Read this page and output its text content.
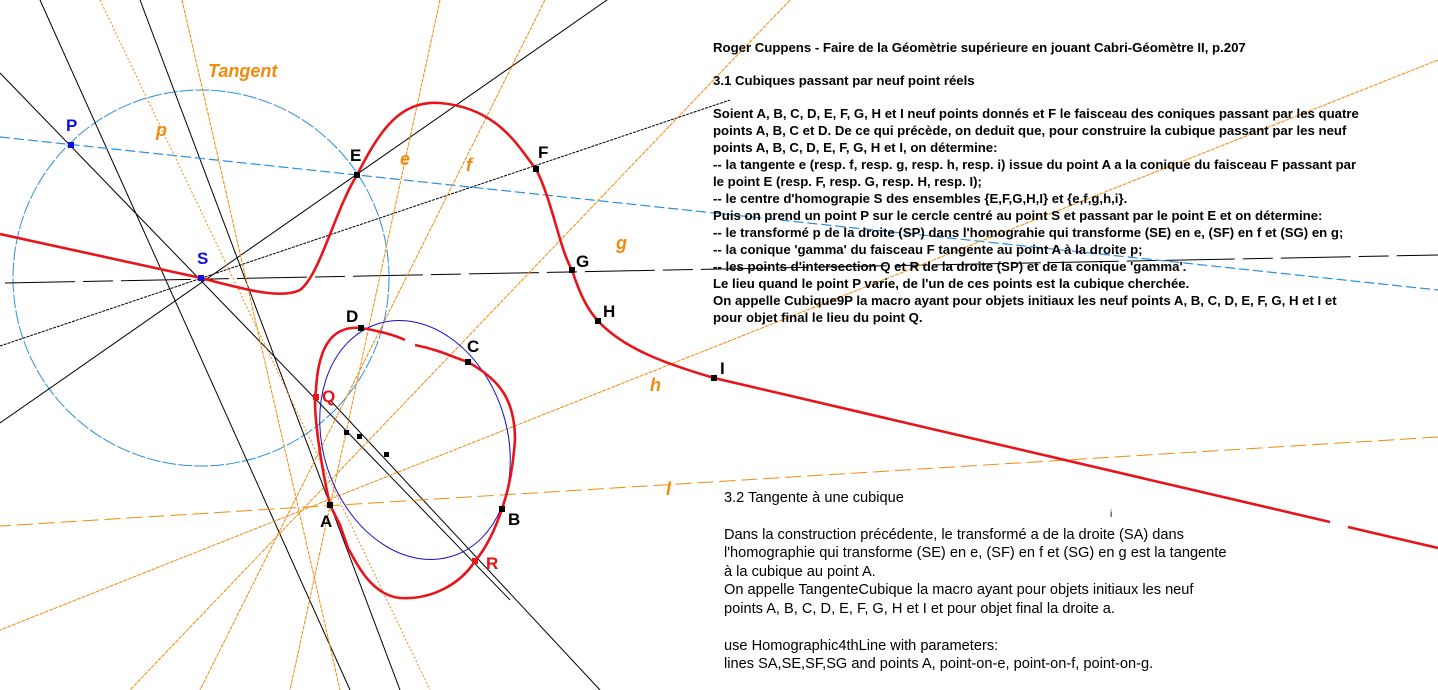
A	B
C
D
E	F
G
H
I
S
P
Q
R
Tangent
p
e	f
g
h
l
Roger Cuppens - Faire de la Géomètrie supérieure en jouant Cabri-Géomètre II, p.207
3.1 Cubiques passant par neuf point réels
Soient A, B, C, D, E, F, G, H et I neuf points donnés et F le faisceau des coniques passant par les quatre
points A, B, C et D. De ce qui précède, on deduit que, pour construire la cubique passant par les neuf
points A, B, C, D, E, F, G, H et I, on détermine:
-- la tangente e (resp. f, resp. g, resp. h, resp. i) issue du point A a la conique du faisceau F passant par
le point E (resp. F, resp. G, resp. H, resp. I);
-- le centre d'homograpie S des ensembles {E,F,G,H,I} et {e,f,g,h,i}.
Puis on prend un point P sur le cercle centré au point S et passant par le point E et on détermine:
-- le transformé p de la droite (SP) dans l'homograhie qui transforme (SE) en e, (SF) en f et (SG) en g;
-- la conique 'gamma' du faisceau F tangente au point A à la droite p;
-- les points d'intersection Q et R de la droite (SP) et de la conique 'gamma'.
Le lieu quand le point P varie, de l'un de ces points est la cubique cherchée.
On appelle Cubique9P la macro ayant pour objets initiaux les neuf points A, B, C, D, E, F, G, H et I et
pour objet final le lieu du point Q.
3.2 Tangente à une cubique
i
Dans la construction précédente, le transformé a de la droite (SA) dans
l'homographie qui transforme (SE) en e, (SF) en f et (SG) en g est la tangente
à la cubique au point A.
On appelle TangenteCubique la macro ayant pour objets initiaux les neuf
points A, B, C, D, E, F, G, H et I et pour objet final la droite a.
use Homographic4thLine with parameters:
lines SA,SE,SF,SG and points A, point-on-e, point-on-f, point-on-g.
